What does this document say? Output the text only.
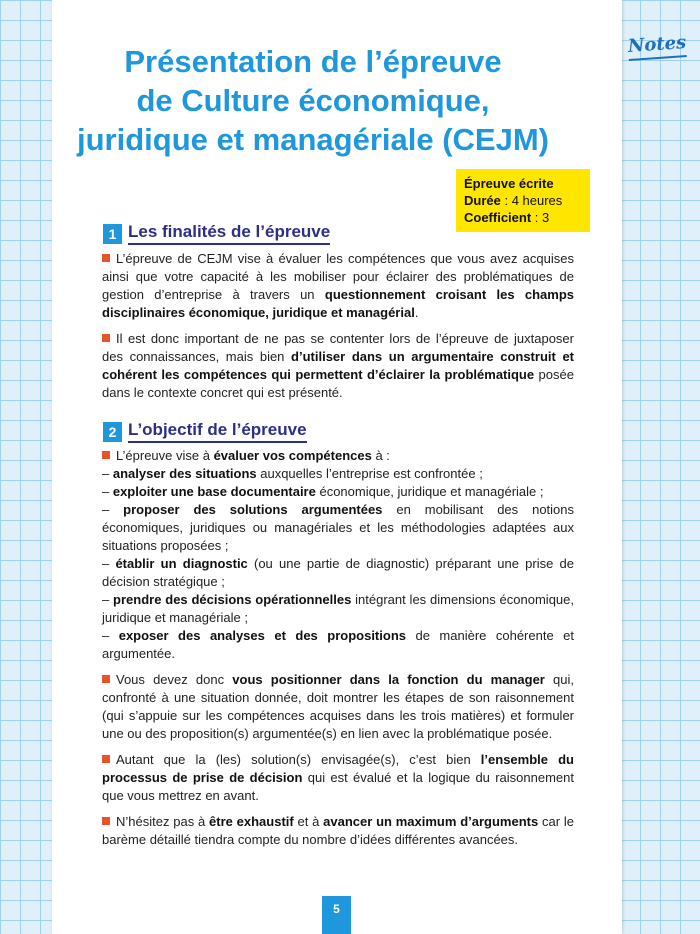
Notes
Présentation de l’épreuve
de Culture économique,
juridique et managériale (CEJM)
Épreuve écrite
Durée : 4 heures
Coefficient : 3
1 Les finalités de l’épreuve

L’épreuve de CEJM vise à évaluer les compétences que vous avez acquises ainsi que votre capacité à les mobiliser pour éclairer des problématiques de gestion d’entreprise à travers un questionnement croisant les champs disciplinaires économique, juridique et managérial.

Il est donc important de ne pas se contenter lors de l’épreuve de juxtaposer des connaissances, mais bien d’utiliser dans un argumentaire construit et cohérent les compétences qui permettent d’éclairer la problématique posée dans le contexte concret qui est présenté.

2 L’objectif de l’épreuve

L’épreuve vise à évaluer vos compétences à :

– analyser des situations auxquelles l’entreprise est confrontée ;

– exploiter une base documentaire économique, juridique et managériale ;

– proposer des solutions argumentées en mobilisant des notions économiques, juridiques ou managériales et les méthodologies adaptées aux situations proposées ;

– établir un diagnostic (ou une partie de diagnostic) préparant une prise de décision stratégique ;

– prendre des décisions opérationnelles intégrant les dimensions économique, juridique et managériale ;

– exposer des analyses et des propositions de manière cohérente et argumentée.

Vous devez donc vous positionner dans la fonction du manager qui, confronté à une situation donnée, doit montrer les étapes de son raisonnement (qui s’appuie sur les compétences acquises dans les trois matières) et formuler une ou des proposition(s) argumentée(s) en lien avec la problématique posée.

Autant que la (les) solution(s) envisagée(s), c’est bien l’ensemble du processus de prise de décision qui est évalué et la logique du raisonnement que vous mettrez en avant.

N’hésitez pas à être exhaustif et à avancer un maximum d’arguments car le barème détaillé tiendra compte du nombre d’idées différentes avancées.

5
